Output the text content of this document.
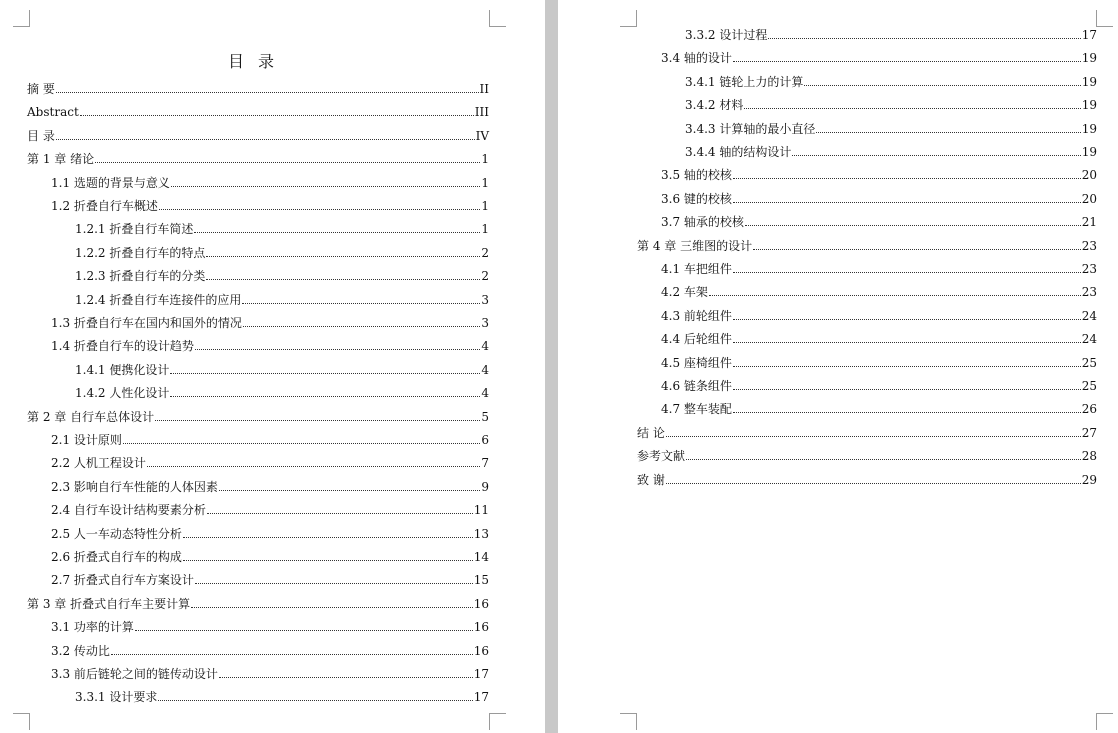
目录
摘 要	II
Abstract	III
目 录	IV
第 1 章 绪论	1
1.1 选题的背景与意义	1
1.2 折叠自行车概述	1
1.2.1 折叠自行车简述	1
1.2.2 折叠自行车的特点	2
1.2.3 折叠自行车的分类	2
1.2.4 折叠自行车连接件的应用	3
1.3 折叠自行车在国内和国外的情况	3
1.4 折叠自行车的设计趋势	4
1.4.1 便携化设计	4
1.4.2 人性化设计	4
第 2 章 自行车总体设计	5
2.1 设计原则	6
2.2 人机工程设计	7
2.3 影响自行车性能的人体因素	9
2.4 自行车设计结构要素分析	11
2.5 人一车动态特性分析	13
2.6 折叠式自行车的构成	14
2.7 折叠式自行车方案设计	15
第 3 章 折叠式自行车主要计算	16
3.1 功率的计算	16
3.2 传动比	16
3.3 前后链轮之间的链传动设计	17
3.3.1 设计要求	17
3.3.2 设计过程	17
3.4 轴的设计	19
3.4.1 链轮上力的计算	19
3.4.2 材料	19
3.4.3 计算轴的最小直径	19
3.4.4 轴的结构设计	19
3.5 轴的校核	20
3.6 键的校核	20
3.7 轴承的校核	21
第 4 章 三维图的设计	23
4.1 车把组件	23
4.2 车架	23
4.3 前轮组件	24
4.4 后轮组件	24
4.5 座椅组件	25
4.6 链条组件	25
4.7 整车装配	26
结 论	27
参考文献	28
致 谢	29
